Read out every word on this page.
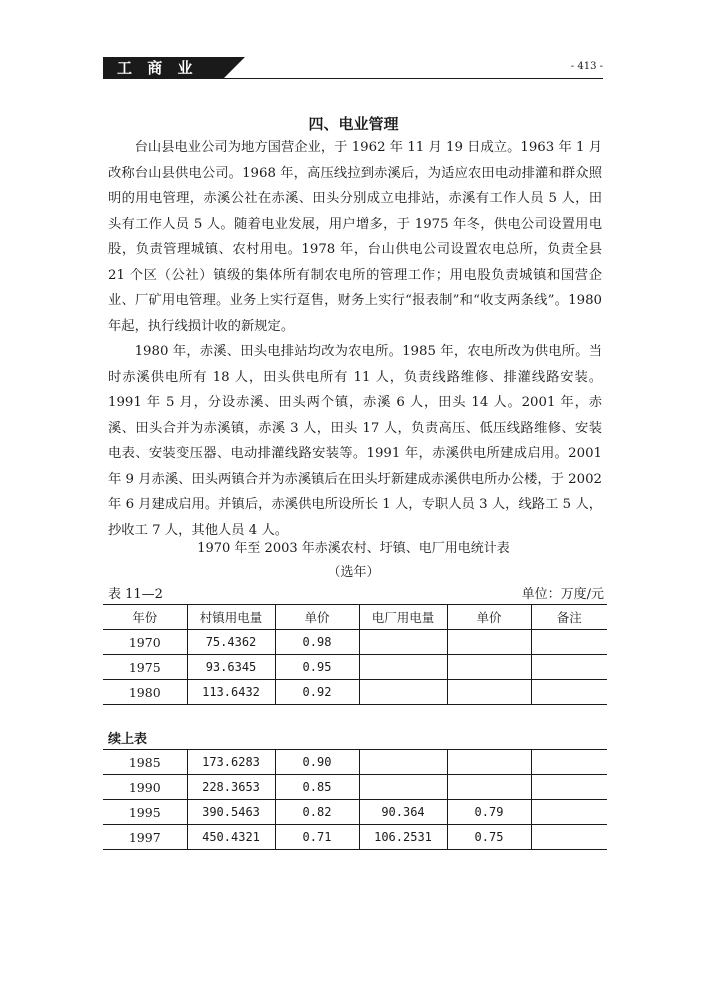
工 商 业	- 413 -
四、电业管理

台山县电业公司为地方国营企业，于 1962 年 11 月 19 日成立。1963 年 1 月改称台山县供电公司。1968 年，高压线拉到赤溪后，为适应农田电动排灌和群众照明的用电管理，赤溪公社在赤溪、田头分别成立电排站，赤溪有工作人员 5 人，田头有工作人员 5 人。随着电业发展，用户增多，于 1975 年冬，供电公司设置用电股，负责管理城镇、农村用电。1978 年，台山供电公司设置农电总所，负责全县 21 个区（公社）镇级的集体所有制农电所的管理工作；用电股负责城镇和国营企业、厂矿用电管理。业务上实行趸售，财务上实行“报表制”和“收支两条线”。1980 年起，执行线损计收的新规定。

1980 年，赤溪、田头电排站均改为农电所。1985 年，农电所改为供电所。当时赤溪供电所有 18 人，田头供电所有 11 人，负责线路维修、排灌线路安装。1991 年 5 月，分设赤溪、田头两个镇，赤溪 6 人，田头 14 人。2001 年，赤溪、田头合并为赤溪镇，赤溪 3 人，田头 17 人，负责高压、低压线路维修、安装电表、安装变压器、电动排灌线路安装等。1991 年，赤溪供电所建成启用。2001 年 9 月赤溪、田头两镇合并为赤溪镇后在田头圩新建成赤溪供电所办公楼，于 2002 年 6 月建成启用。并镇后，赤溪供电所设所长 1 人，专职人员 3 人，线路工 5 人，抄收工 7 人，其他人员 4 人。

1970 年至 2003 年赤溪农村、圩镇、电厂用电统计表
（选年）
表 11—2	单位：万度/元
年份	村镇用电量	单价	电厂用电量	单价	备注
1970	75.4362	0.98			
1975	93.6345	0.95			
1980	113.6432	0.92			
续上表
1985	173.6283	0.90			
1990	228.3653	0.85			
1995	390.5463	0.82	90.364	0.79	
1997	450.4321	0.71	106.2531	0.75	
